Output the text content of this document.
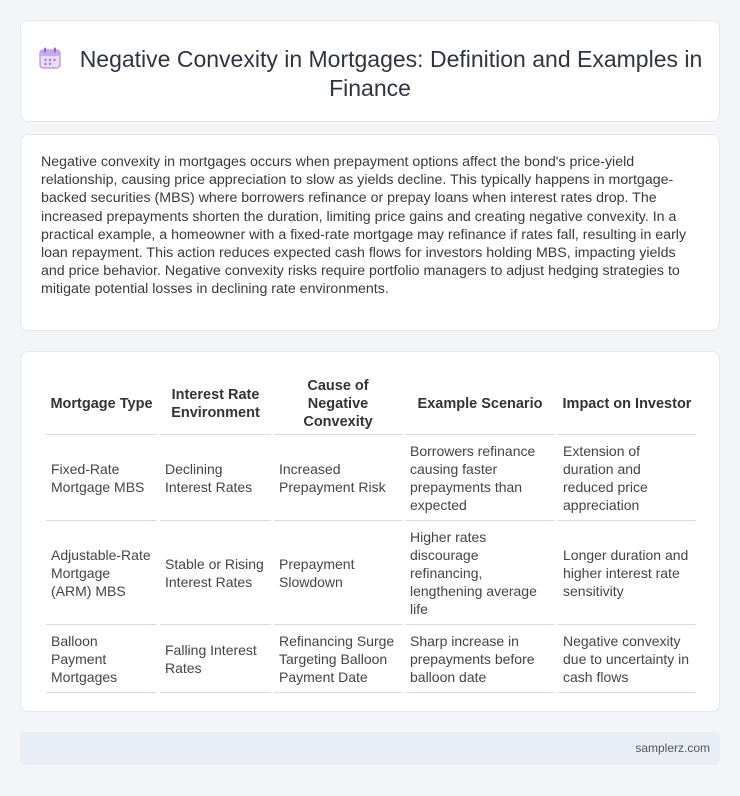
Negative Convexity in Mortgages: Definition and Examples in Finance

Negative convexity in mortgages occurs when prepayment options affect the bond's price-yield relationship, causing price appreciation to slow as yields decline. This typically happens in mortgage-backed securities (MBS) where borrowers refinance or prepay loans when interest rates drop. The increased prepayments shorten the duration, limiting price gains and creating negative convexity. In a practical example, a homeowner with a fixed-rate mortgage may refinance if rates fall, resulting in early loan repayment. This action reduces expected cash flows for investors holding MBS, impacting yields and price behavior. Negative convexity risks require portfolio managers to adjust hedging strategies to mitigate potential losses in declining rate environments.

Mortgage Type	Interest Rate Environment	Cause of Negative Convexity	Example Scenario	Impact on Investor
Fixed-Rate Mortgage MBS	Declining Interest Rates	Increased Prepayment Risk	Borrowers refinance causing faster prepayments than expected	Extension of duration and reduced price appreciation
Adjustable-Rate Mortgage (ARM) MBS	Stable or Rising Interest Rates	Prepayment Slowdown	Higher rates discourage refinancing, lengthening average life	Longer duration and higher interest rate sensitivity
Balloon Payment Mortgages	Falling Interest Rates	Refinancing Surge Targeting Balloon Payment Date	Sharp increase in prepayments before balloon date	Negative convexity due to uncertainty in cash flows
samplerz.com
